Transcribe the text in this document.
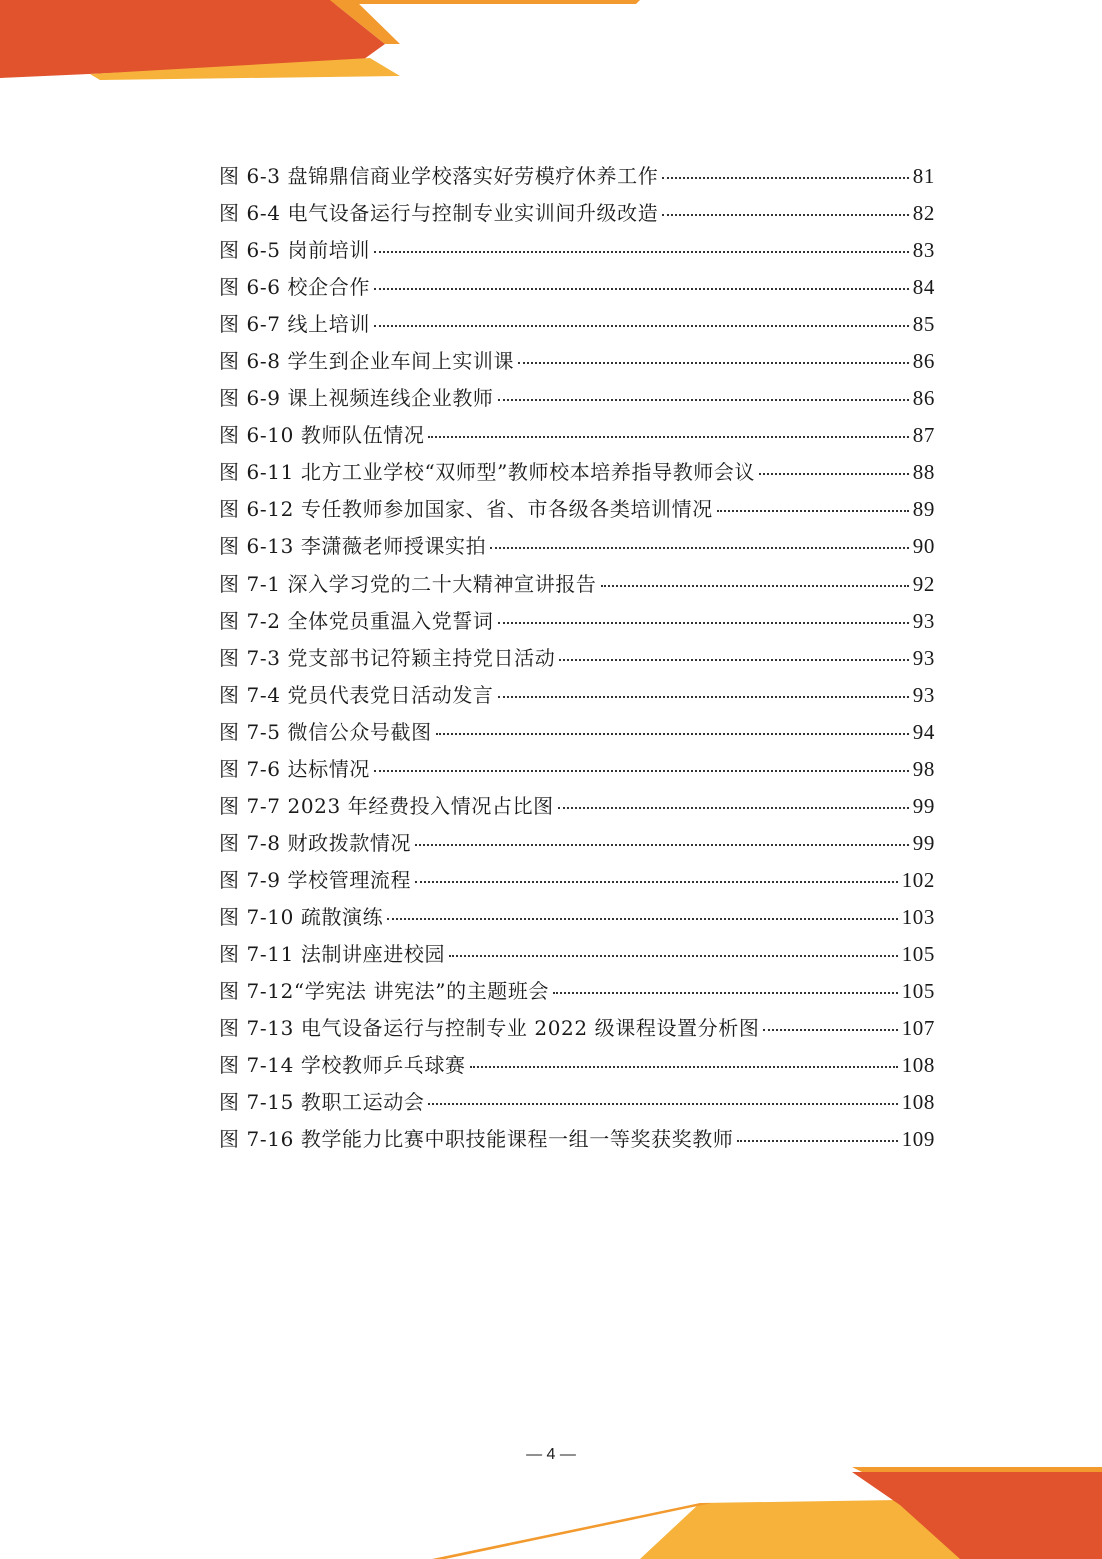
图 6-3 盘锦鼎信商业学校落实好劳模疗休养工作	81
图 6-4 电气设备运行与控制专业实训间升级改造	82
图 6-5 岗前培训	83
图 6-6 校企合作	84
图 6-7 线上培训	85
图 6-8 学生到企业车间上实训课	86
图 6-9 课上视频连线企业教师	86
图 6-10 教师队伍情况	87
图 6-11 北方工业学校“双师型”教师校本培养指导教师会议	88
图 6-12 专任教师参加国家、省、市各级各类培训情况	89
图 6-13 李潇薇老师授课实拍	90
图 7-1 深入学习党的二十大精神宣讲报告	92
图 7-2 全体党员重温入党誓词	93
图 7-3 党支部书记符颖主持党日活动	93
图 7-4 党员代表党日活动发言	93
图 7-5 微信公众号截图	94
图 7-6 达标情况	98
图 7-7 2023 年经费投入情况占比图	99
图 7-8 财政拨款情况	99
图 7-9 学校管理流程	102
图 7-10 疏散演练	103
图 7-11 法制讲座进校园	105
图 7-12“学宪法 讲宪法”的主题班会	105
图 7-13 电气设备运行与控制专业 2022 级课程设置分析图	107
图 7-14 学校教师乒乓球赛	108
图 7-15 教职工运动会	108
图 7-16 教学能力比赛中职技能课程一组一等奖获奖教师	109
— 4 —
